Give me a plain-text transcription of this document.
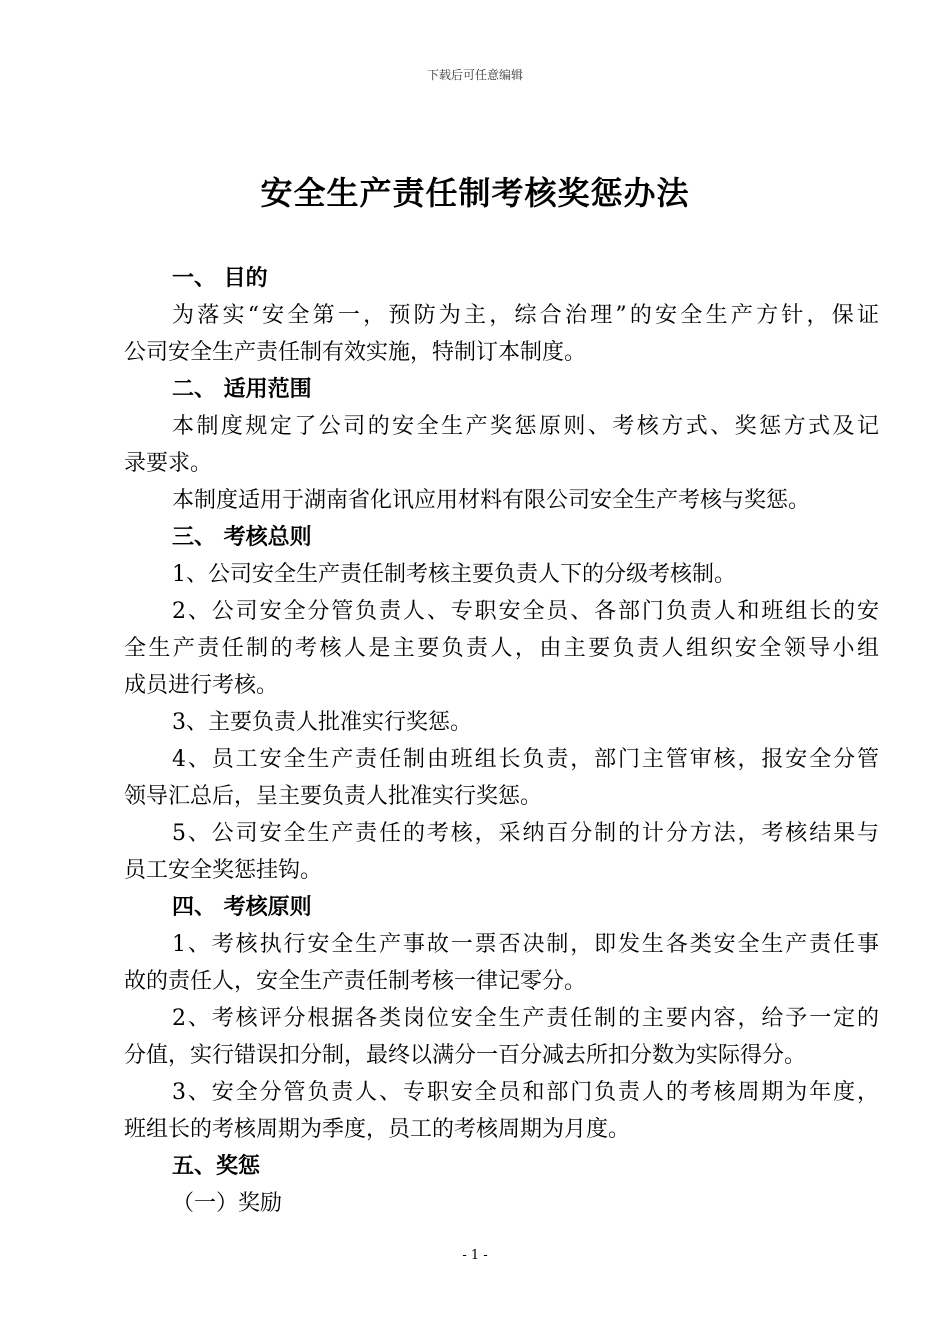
下载后可任意编辑
安全生产责任制考核奖惩办法
一、 目的
为落实“安全第一，预防为主，综合治理”的安全生产方针，保证
公司安全生产责任制有效实施，特制订本制度。
二、 适用范围
本制度规定了公司的安全生产奖惩原则、考核方式、奖惩方式及记
录要求。
本制度适用于湖南省化讯应用材料有限公司安全生产考核与奖惩。
三、 考核总则
1、公司安全生产责任制考核主要负责人下的分级考核制。
2、公司安全分管负责人、专职安全员、各部门负责人和班组长的安
全生产责任制的考核人是主要负责人，由主要负责人组织安全领导小组
成员进行考核。
3、主要负责人批准实行奖惩。
4、员工安全生产责任制由班组长负责，部门主管审核，报安全分管
领导汇总后，呈主要负责人批准实行奖惩。
5、公司安全生产责任的考核，采纳百分制的计分方法，考核结果与
员工安全奖惩挂钩。
四、 考核原则
1、考核执行安全生产事故一票否决制，即发生各类安全生产责任事
故的责任人，安全生产责任制考核一律记零分。
2、考核评分根据各类岗位安全生产责任制的主要内容，给予一定的
分值，实行错误扣分制，最终以满分一百分减去所扣分数为实际得分。
3、安全分管负责人、专职安全员和部门负责人的考核周期为年度，
班组长的考核周期为季度，员工的考核周期为月度。
五、奖惩
（一）奖励
- 1 -
